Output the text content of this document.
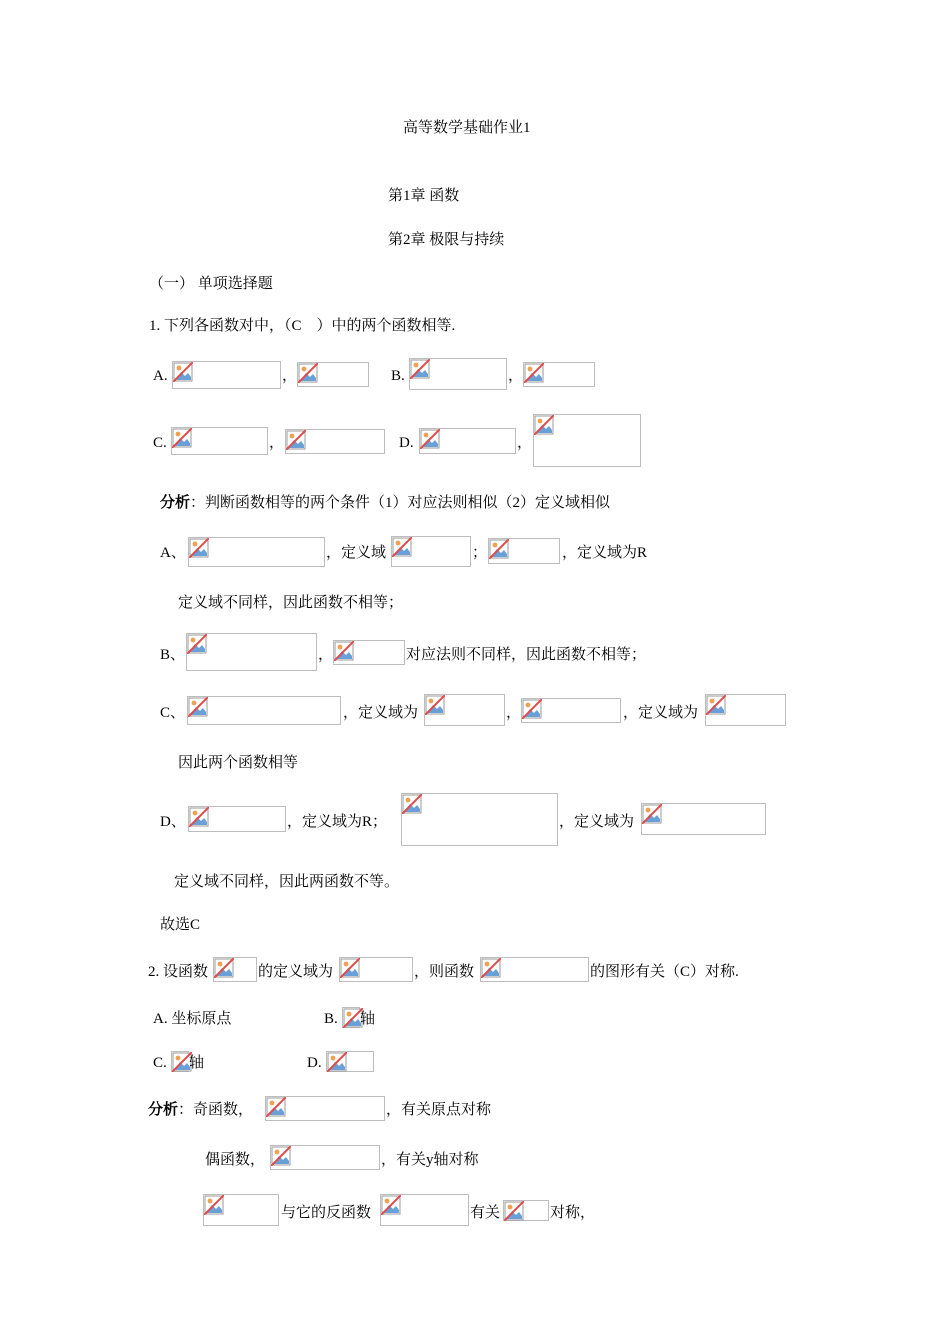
高等数学基础作业1
第1章 函数
第2章 极限与持续
（一） 单项选择题
1. 下列各函数对中，（C　）中的两个函数相等.
A.	，	B.	，
C.	，	D.	，
分析：判断函数相等的两个条件（1）对应法则相似（2）定义域相似
A、	，定义域	；	，定义域为R
定义域不同样，因此函数不相等；
B、	，	对应法则不同样，因此函数不相等；
C、	，定义域为	，	，定义域为
因此两个函数相等
D、	，定义域为R；	，定义域为
定义域不同样，因此两函数不等。
故选C
2. 设函数	的定义域为	，则函数	的图形有关（C）对称.
A. 坐标原点	B. 轴
C. 轴	D.
分析：奇函数，	，有关原点对称
偶函数，	，有关y轴对称
与它的反函数	有关	对称，
